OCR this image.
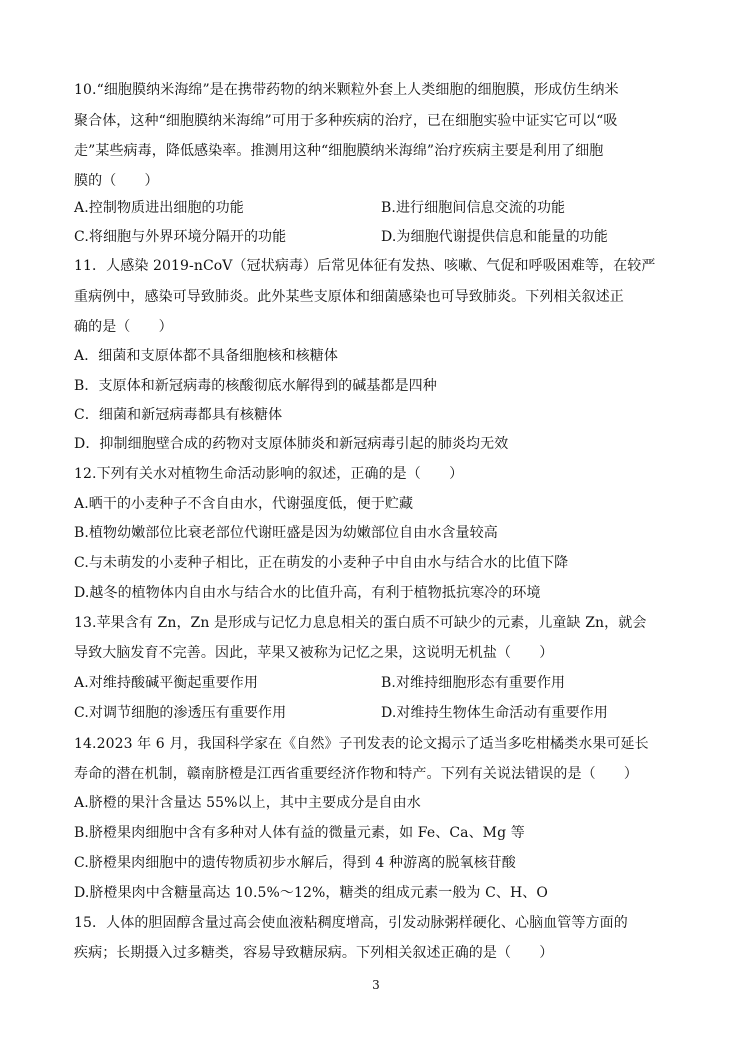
10.“细胞膜纳米海绵”是在携带药物的纳米颗粒外套上人类细胞的细胞膜，形成仿生纳米
聚合体，这种“细胞膜纳米海绵”可用于多种疾病的治疗，已在细胞实验中证实它可以“吸
走”某些病毒，降低感染率。推测用这种“细胞膜纳米海绵”治疗疾病主要是利用了细胞
膜的（　　）
A.控制物质进出细胞的功能	B.进行细胞间信息交流的功能
C.将细胞与外界环境分隔开的功能	D.为细胞代谢提供信息和能量的功能
11．人感染 2019-nCoV（冠状病毒）后常见体征有发热、咳嗽、气促和呼吸困难等，在较严
重病例中，感染可导致肺炎。此外某些支原体和细菌感染也可导致肺炎。下列相关叙述正
确的是（　　）
A．细菌和支原体都不具备细胞核和核糖体
B．支原体和新冠病毒的核酸彻底水解得到的碱基都是四种
C．细菌和新冠病毒都具有核糖体
D．抑制细胞壁合成的药物对支原体肺炎和新冠病毒引起的肺炎均无效
12.下列有关水对植物生命活动影响的叙述，正确的是（　　）
A.晒干的小麦种子不含自由水，代谢强度低，便于贮藏
B.植物幼嫩部位比衰老部位代谢旺盛是因为幼嫩部位自由水含量较高
C.与未萌发的小麦种子相比，正在萌发的小麦种子中自由水与结合水的比值下降
D.越冬的植物体内自由水与结合水的比值升高，有利于植物抵抗寒冷的环境
13.苹果含有 Zn，Zn 是形成与记忆力息息相关的蛋白质不可缺少的元素，儿童缺 Zn，就会
导致大脑发育不完善。因此，苹果又被称为记忆之果，这说明无机盐（　　）
A.对维持酸碱平衡起重要作用	B.对维持细胞形态有重要作用
C.对调节细胞的渗透压有重要作用	D.对维持生物体生命活动有重要作用
14.2023 年 6 月，我国科学家在《自然》子刊发表的论文揭示了适当多吃柑橘类水果可延长
寿命的潜在机制，赣南脐橙是江西省重要经济作物和特产。下列有关说法错误的是（　　）
A.脐橙的果汁含量达 55%以上，其中主要成分是自由水
B.脐橙果肉细胞中含有多种对人体有益的微量元素，如 Fe、Ca、Mg 等
C.脐橙果肉细胞中的遗传物质初步水解后，得到 4 种游离的脱氧核苷酸
D.脐橙果肉中含糖量高达 10.5%～12%，糖类的组成元素一般为 C、H、O
15．人体的胆固醇含量过高会使血液粘稠度增高，引发动脉粥样硬化、心脑血管等方面的
疾病；长期摄入过多糖类，容易导致糖尿病。下列相关叙述正确的是（　　）
3
